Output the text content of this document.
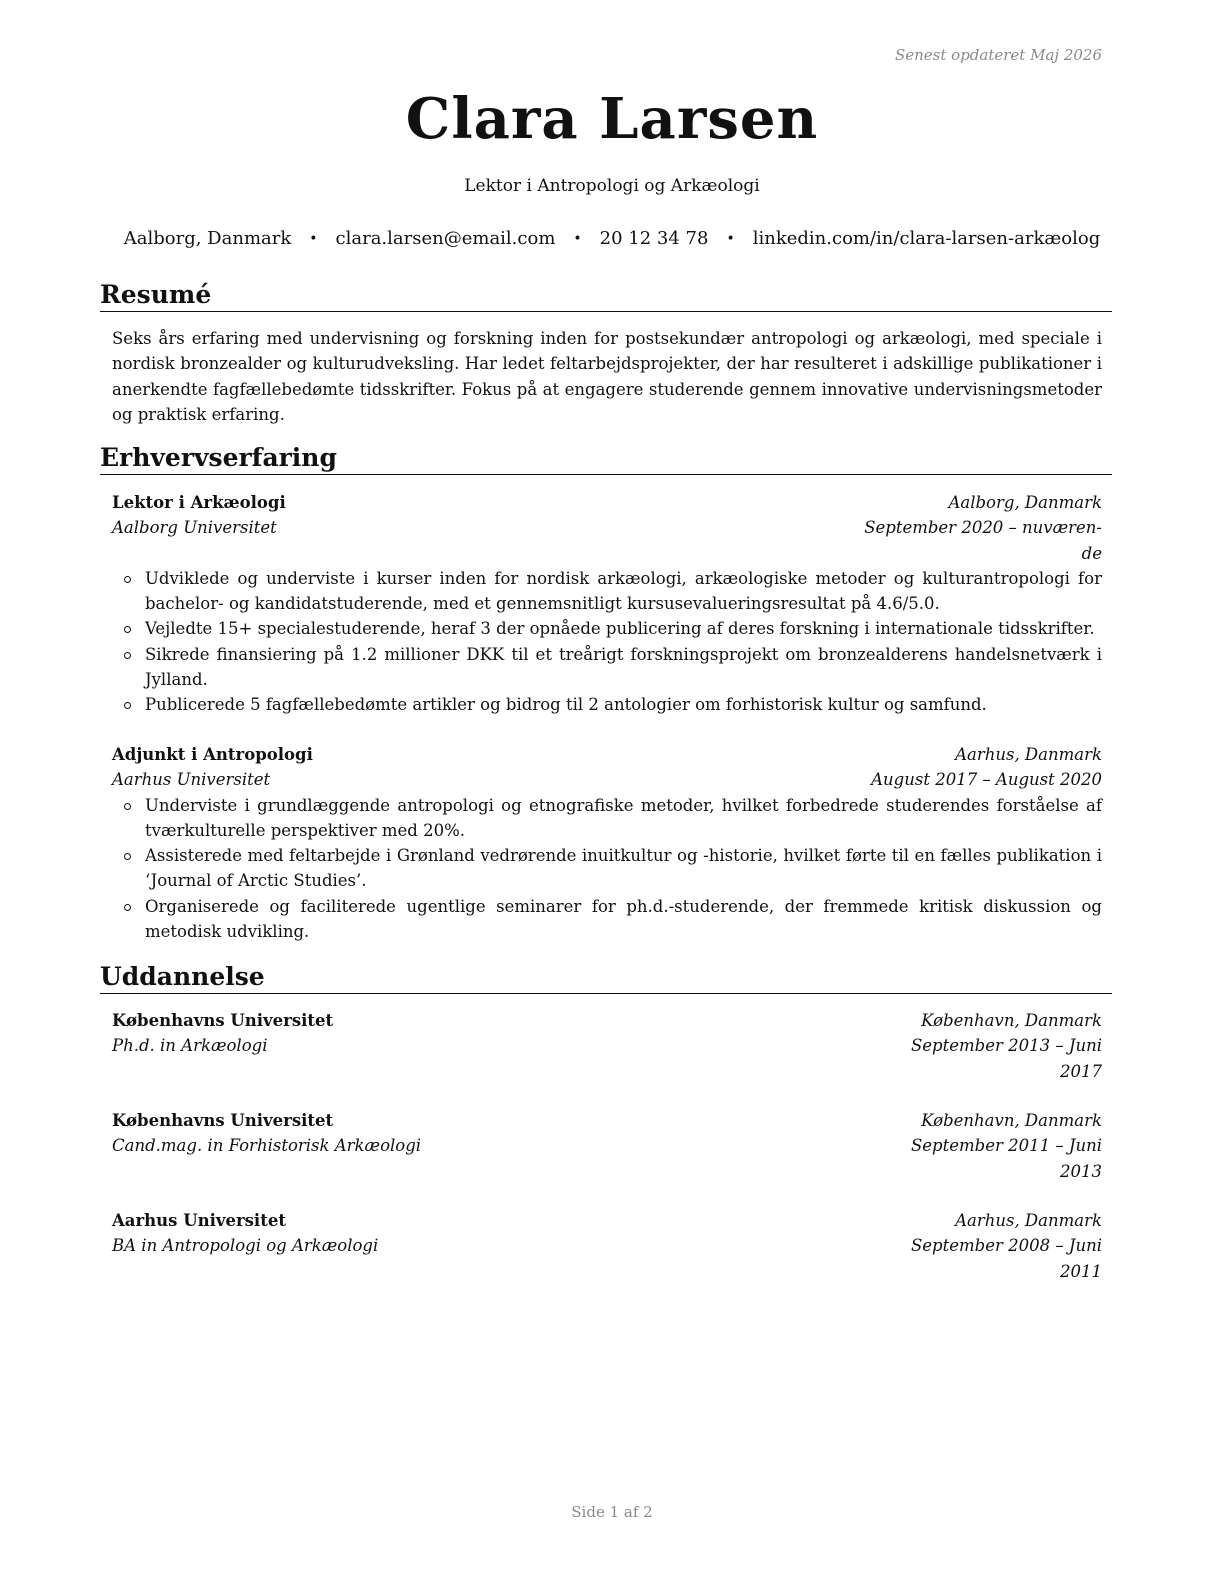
Senest opdateret Maj 2026
Clara Larsen
Lektor i Antropologi og Arkæologi
Aalborg, Danmark • clara.larsen@email.com • 20 12 34 78 • linkedin.com/in/clara-larsen-arkæolog
Resumé
Seks års erfaring med undervisning og forskning inden for postsekundær antropologi og arkæologi, med speciale i nordisk bronzealder og kulturudveksling. Har ledet feltarbejdsprojekter, der har resulteret i adskillige publikationer i anerkendte fagfællebedømte tidsskrifter. Fokus på at engagere studerende gennem innovative undervisningsmetoder og praktisk erfaring.
Erhvervserfaring
Lektor i Arkæologi	Aalborg, Danmark
Aalborg Universitet	September 2020 – nuværen-de
Udviklede og underviste i kurser inden for nordisk arkæologi, arkæologiske metoder og kulturantropologi for bachelor- og kandidatstuderende, med et gennemsnitligt kursusevalueringsresultat på 4.6/5.0.
Vejledte 15+ specialestuderende, heraf 3 der opnåede publicering af deres forskning i internationale tidsskrifter.
Sikrede finansiering på 1.2 millioner DKK til et treårigt forskningsprojekt om bronzealderens handelsnetværk i Jylland.
Publicerede 5 fagfællebedømte artikler og bidrog til 2 antologier om forhistorisk kultur og samfund.
Adjunkt i Antropologi	Aarhus, Danmark
Aarhus Universitet	August 2017 – August 2020
Underviste i grundlæggende antropologi og etnografiske metoder, hvilket forbedrede studerendes forståelse af tværkulturelle perspektiver med 20%.
Assisterede med feltarbejde i Grønland vedrørende inuitkultur og -historie, hvilket førte til en fælles publikation i ‘Journal of Arctic Studies’.
Organiserede og faciliterede ugentlige seminarer for ph.d.-studerende, der fremmede kritisk diskussion og metodisk udvikling.
Uddannelse
Københavns Universitet	København, Danmark
Ph.d. in Arkæologi	September 2013 – Juni 2017
Københavns Universitet	København, Danmark
Cand.mag. in Forhistorisk Arkæologi	September 2011 – Juni 2013
Aarhus Universitet	Aarhus, Danmark
BA in Antropologi og Arkæologi	September 2008 – Juni 2011
Side 1 af 2
